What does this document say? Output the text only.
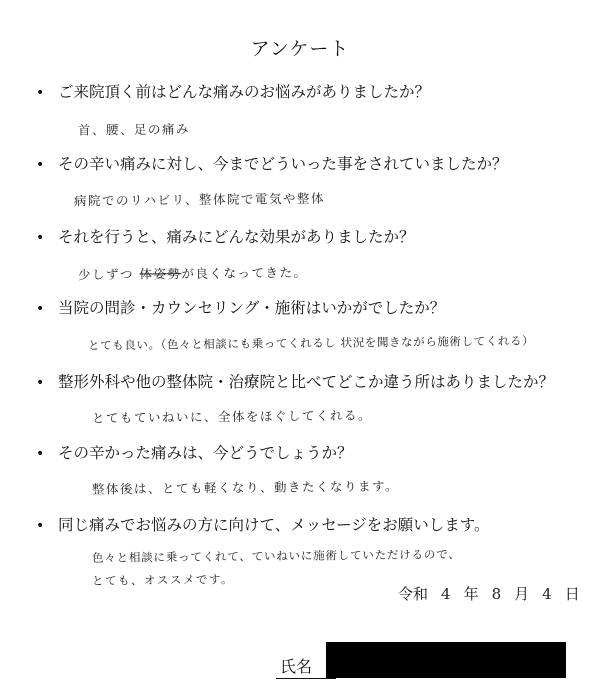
アンケート
• ご来院頂く前はどんな痛みのお悩みがありましたか？
首、腰、足の痛み
• その辛い痛みに対し、今までどういった事をされていましたか？
病院でのリハビリ、整体院で電気や整体
• それを行うと、痛みにどんな効果がありましたか？
少しずつ 体姿勢が良くなってきた。
• 当院の問診・カウンセリング・施術はいかがでしたか？
とても良い。（色々と相談にも乗ってくれるし 状況を聞きながら施術してくれる）
• 整形外科や他の整体院・治療院と比べてどこか違う所はありましたか？
とてもていねいに、全体をほぐしてくれる。
• その辛かった痛みは、今どうでしょうか？
整体後は、とても軽くなり、動きたくなります。
• 同じ痛みでお悩みの方に向けて、メッセージをお願いします。
色々と相談に乗ってくれて、ていねいに施術していただけるので、
とても、オススメです。
令和 4 年 8 月 4 日
氏名
